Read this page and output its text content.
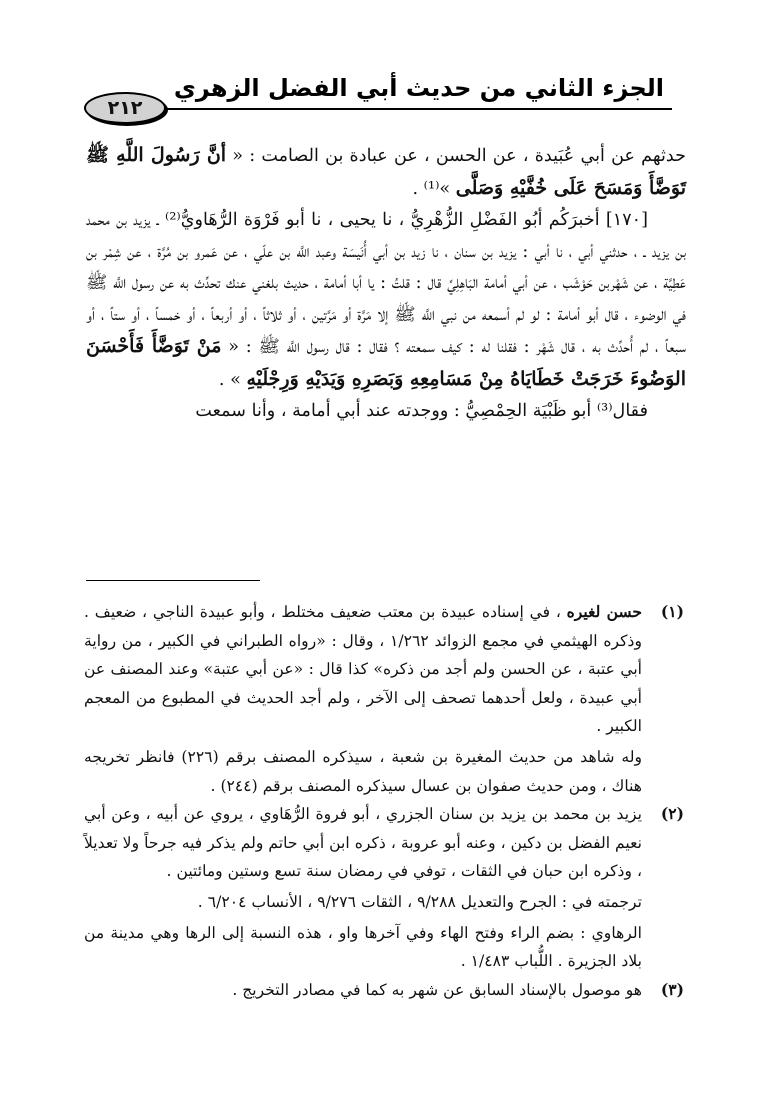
الجزء الثاني من حديث أبي الفضل الزهري
٢١٢

حدثهم عن أبي عُبَيدة ، عن الحسن ، عن عبادة بن الصامت : « أنَّ رَسُولَ اللَّهِ ﷺ تَوَضَّأَ وَمَسَحَ عَلَى خُفَّيْهِ وَصَلَّى »⁽¹⁾ .

[١٧٠] أخبرَكُم أبُو الفَضْلِ الزُّهْرِيُّ ، نا يحيى ، نا أبو فَرْوَة الرُّهَاويُّ⁽²⁾ ـ يزيد بن محمد بن يزيد ـ ، حدثني أبي ، نا أبي : يزيد بن سنان ، نا زيد بن أبي أُنَيسَة وعبد اللَّه بن علّي ، عن عَمرو بن مُرَّة ، عن شِمْر بن عَطِيَّة ، عن شَهْربن حَوْشَب ، عن أبي أمامة البَاهِلِيِّ قال : قلتُ : يا أبا أمامة ، حديث بلغني عنك تحدِّث به عن رسول اللَّه ﷺ في الوضوء ، قال أبو أمامة : لو لم أسمعه من نبي اللَّه ﷺ إلا مَرَّة أو مَرَّتين ، أو ثلاثاً ، أو أربعاً ، أو خمساً ، أو ستاً ، أو سبعاً ، لم أُحدِّث به ، قال شَهْر : فقلنا له : كيف سمعته ؟ فقال : قال رسول اللَّه ﷺ : « مَنْ تَوَضَّأَ فَأَحْسَنَ الوَضُوءَ خَرَجَتْ خَطَايَاهُ مِنْ مَسَامِعِهِ وَبَصَرِهِ وَيَدَيْهِ وَرِجْلَيْهِ » .

فقال⁽³⁾ أبو ظَبْيَة الحِمْصِيُّ : ووجدته عند أبي أمامة ، وأنا سمعت

(١)

حسن لغيره ، في إسناده عبيدة بن معتب ضعيف مختلط ، وأبو عبيدة الناجي ، ضعيف . وذكره الهيثمي في مجمع الزوائد ١/٢٦٢ ، وقال : «رواه الطبراني في الكبير ، من رواية أبي عتبة ، عن الحسن ولم أجد من ذكره» كذا قال : «عن أبي عتبة» وعند المصنف عن أبي عبيدة ، ولعل أحدهما تصحف إلى الآخر ، ولم أجد الحديث في المطبوع من المعجم الكبير .

وله شاهد من حديث المغيرة بن شعبة ، سيذكره المصنف برقم (٢٢٦) فانظر تخريجه هناك ، ومن حديث صفوان بن عسال سيذكره المصنف برقم (٢٤٤) .

(٢)

يزيد بن محمد بن يزيد بن سنان الجزري ، أبو فروة الرُّهَاوي ، يروي عن أبيه ، وعن أبي نعيم الفضل بن دكين ، وعنه أبو عروبة ، ذكره ابن أبي حاتم ولم يذكر فيه جرحاً ولا تعديلاً ، وذكره ابن حبان في الثقات ، توفي في رمضان سنة تسع وستين ومائتين .

ترجمته في : الجرح والتعديل ٩/٢٨٨ ، الثقات ٩/٢٧٦ ، الأنساب ٦/٢٠٤ .

الرهاوي : بضم الراء وفتح الهاء وفي آخرها واو ، هذه النسبة إلى الرها وهي مدينة من بلاد الجزيرة . اللُّباب ١/٤٨٣ .

(٣)

هو موصول بالإسناد السابق عن شهر به كما في مصادر التخريج .
